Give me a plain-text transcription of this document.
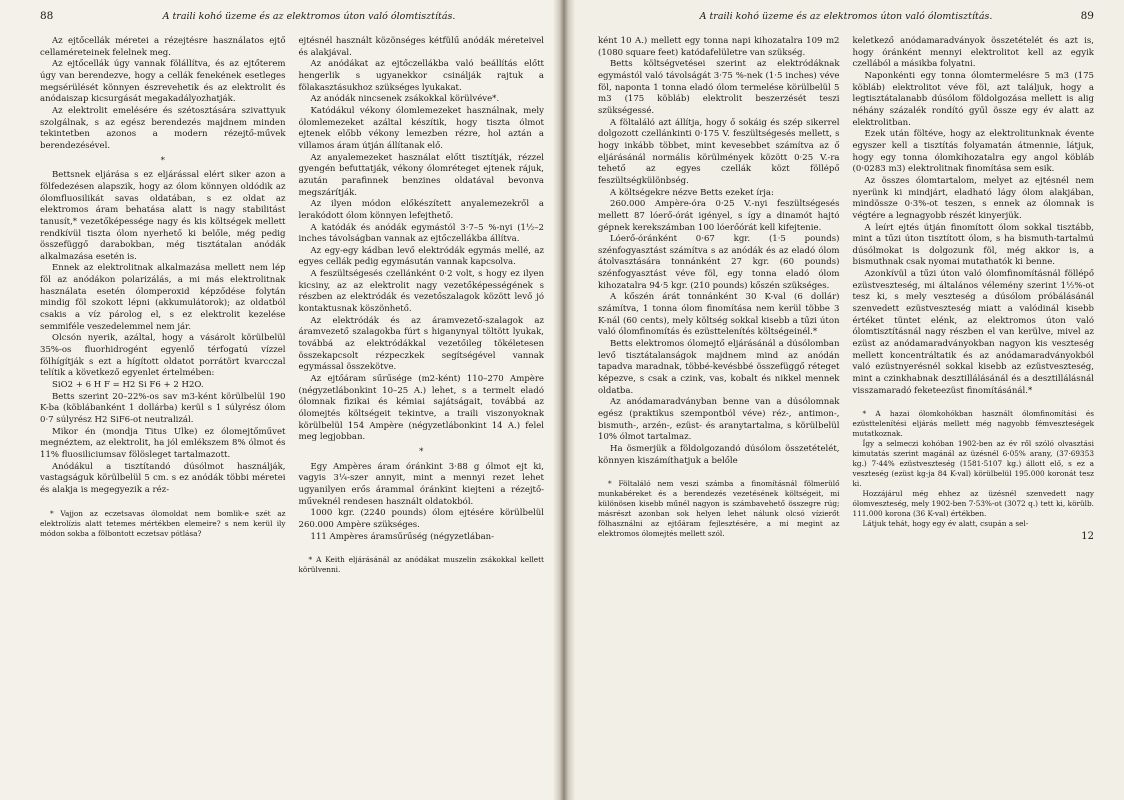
88	A traili kohó üzeme és az elektromos úton való ólomtisztítás.

Az ejtőcellák méretei a rézejtésre használatos ejtő cellaméreteinek felelnek meg.

Az ejtőcellák úgy vannak fölállítva, és az ejtőterem úgy van berendezve, hogy a cellák fenekének esetleges megsérülését könnyen észrevehetik és az elektrolit és anódaiszap kicsurgását megakadályozhatják.

Az elektrolit emelésére és szétosztására szivattyuk szolgálnak, s az egész berendezés majdnem minden tekintetben azonos a modern rézejtő-művek berendezésével.

*

Bettsnek eljárása s ez eljárással elért siker azon a fölfedezésen alapszik, hogy az ólom könnyen oldódik az ólomfluosilikát savas oldatában, s ez oldat az elektromos áram behatása alatt is nagy stabilitást tanusít,* vezetőképessége nagy és kis költségek mellett rendkívül tiszta ólom nyerhető ki belőle, még pedig összefüggő darabokban, még tisztátalan anódák alkalmazása esetén is.

Ennek az elektrolitnak alkalmazása mellett nem lép föl az anódákon polarizálás, a mi más elektrolitnak használata esetén ólomperoxid képződése folytán mindig föl szokott lépni (akkumulátorok); az oldatból csakis a víz párolog el, s ez elektrolit kezelése semmiféle veszedelemmel nem jár.

Olcsón nyerik, azáltal, hogy a vásárolt körülbelül 35%-os fluorhidrogént egyenlő térfogatú vízzel fölhígítják s ezt a hígított oldatot porrátört kvarcczal telítik a következő egyenlet értelmében:

SiO2 + 6 H F = H2 Si F6 + 2 H2O.

Betts szerint 20–22%-os sav m3-ként körülbelül 190 K-ba (köblábanként 1 dollárba) kerül s 1 súlyrész ólom 0·7 súlyrész H2 SiF6-ot neutralizál.

Mikor én (mondja Titus Ulke) ez ólomejtőművet megnéztem, az elektrolit, ha jól emlékszem 8% ólmot és 11% fluosiliciumsav fölösleget tartalmazott.

Anódákul a tisztítandó dúsólmot használják, vastagságuk körülbelül 5 cm. s ez anódák többi méretei és alakja is megegyezik a réz-

* Vajjon az eczetsavas ólomoldat nem bomlik-e szét az elektrolízis alatt tetemes mértékben elemeire? s nem kerül ily módon sokba a fölbontott eczetsav pótlása?

ejtésnél használt közönséges kétfülű anódák méreteivel és alakjával.

Az anódákat az ejtőczellákba való beállítás előtt hengerlik s ugyanekkor csinálják rajtuk a fölakasztásukhoz szükséges lyukakat.

Az anódák nincsenek zsákokkal körülvéve*.

Katódákul vékony ólomlemezeket használnak, mely ólomlemezeket azáltal készítik, hogy tiszta ólmot ejtenek előbb vékony lemezben rézre, hol aztán a villamos áram útján állítanak elő.

Az anyalemezeket használat előtt tisztítják, rézzel gyengén befuttatják, vékony ólomréteget ejtenek rájuk, azután parafinnek benzines oldatával bevonva megszárítják.

Az ilyen módon előkészített anyalemezekről a lerakódott ólom könnyen lefejthető.

A katódák és anódák egymástól 3·7–5 %-nyi (1½–2 inches távolságban vannak az ejtőczellákba állítva.

Az egy-egy kádban levő elektródák egymás mellé, az egyes cellák pedig egymásután vannak kapcsolva.

A feszültségesés czellánként 0·2 volt, s hogy ez ilyen kicsiny, az az elektrolit nagy vezetőképességének s részben az elektródák és vezetőszalagok között levő jó kontaktusnak köszönhető.

Az elektródák és az áramvezető-szalagok az áramvezető szalagokba fúrt s higanynyal töltött lyukak, továbbá az elektródákkal vezetőileg tökéletesen összekapcsolt rézpeczkek segítségével vannak egymással összekötve.

Az ejtőáram sűrűsége (m2-ként) 110–270 Ampère (négyzetlábonkint 10–25 A.) lehet, s a termelt eladó ólomnak fizikai és kémiai sajátságait, továbbá az ólomejtés költségeit tekintve, a traili viszonyoknak körülbelül 154 Ampère (négyzetlábonkint 14 A.) felel meg legjobban.

*

Egy Ampères áram óránkint 3·88 g ólmot ejt ki, vagyis 3¼-szer annyit, mint a mennyi rezet lehet ugyanilyen erős árammal óránkint kiejteni a rézejtő-műveknél rendesen használt oldatokból.

1000 kgr. (2240 pounds) ólom ejtésére körülbelül 260.000 Ampère szükséges.

111 Ampères áramsűrűség (négyzetlában-

* A Keith eljárásánál az anódákat muszelin zsákokkal kellett körülvenni.

A traili kohó üzeme és az elektromos úton való ólomtisztítás.	89

ként 10 A.) mellett egy tonna napi kihozatalra 109 m2 (1080 square feet) katódafelületre van szükség.

Betts költségvetései szerint az elektródáknak egymástól való távolságát 3·75 %-nek (1·5 inches) véve föl, naponta 1 tonna eladó ólom termelése körülbelül 5 m3 (175 köbláb) elektrolit beszerzését teszi szükségessé.

A föltaláló azt állítja, hogy ő sokáig és szép sikerrel dolgozott czellánkinti 0·175 V. feszültségesés mellett, s hogy inkább többet, mint kevesebbet számítva az ő eljárásánál normális körülmények között 0·25 V.-ra tehető az egyes czellák közt föllépő feszültségkülönbség.

A költségekre nézve Betts ezeket írja:

260.000 Ampère-óra 0·25 V.-nyi feszültségesés mellett 87 lóerő-órát igényel, s így a dinamót hajtó gépnek kerekszámban 100 lóerőórát kell kifejtenie.

Lóerő-óránként 0·67 kgr. (1·5 pounds) szénfogyasztást számítva s az anódák és az eladó ólom átolvasztására tonnánként 27 kgr. (60 pounds) szénfogyasztást véve föl, egy tonna eladó ólom kihozatalra 94·5 kgr. (210 pounds) kőszén szükséges.

A kőszén árát tonnánként 30 K-val (6 dollár) számítva, 1 tonna ólom finomítása nem kerül többe 3 K-nál (60 cents), mely költség sokkal kisebb a tűzi úton való ólomfinomítás és ezüsttelenítés költségeinél.*

Betts elektromos ólomejtő eljárásánál a dúsólomban levő tisztátalanságok majdnem mind az anódán tapadva maradnak, többé-kevésbbé összefüggő réteget képezve, s csak a czink, vas, kobalt és nikkel mennek oldatba.

Az anódamaradványban benne van a dúsólomnak egész (praktikus szempontból véve) réz-, antimon-, bismuth-, arzén-, ezüst- és aranytartalma, s körülbelül 10% ólmot tartalmaz.

Ha ösmerjük a földolgozandó dúsólom összetételét, könnyen kiszámíthatjuk a belőle

* Föltaláló nem veszi számba a finomításnál fölmerülő munkabéreket és a berendezés vezetésének költségeit, mi különösen kisebb műnél nagyon is számbavehető összegre rúg; másrészt azonban sok helyen lehet nálunk olcsó vízierőt fölhasználni az ejtőáram fejlesztésére, a mi megint az elektromos ólomejtés mellett szól.

keletkező anódamaradványok összetételét és azt is, hogy óránként mennyi elektrolitot kell az egyik czellából a másikba folyatni.

Naponkénti egy tonna ólomtermelésre 5 m3 (175 köbláb) elektrolitot véve föl, azt találjuk, hogy a legtisztátalanabb dúsólom földolgozása mellett is alig néhány százalék rondító gyűl össze egy év alatt az elektrolitban.

Ezek után föltéve, hogy az elektrolitunknak évente egyszer kell a tisztítás folyamatán átmennie, látjuk, hogy egy tonna ólomkihozatalra egy angol köbláb (0·0283 m3) elektrolitnak finomítása sem esik.

Az összes ólomtartalom, melyet az ejtésnél nem nyerünk ki mindjárt, eladható lágy ólom alakjában, mindössze 0·3%-ot teszen, s ennek az ólomnak is végtére a legnagyobb részét kinyerjük.

A leírt ejtés útján finomított ólom sokkal tisztább, mint a tűzi úton tisztított ólom, s ha bismuth-tartalmú dúsólmokat is dolgozunk föl, még akkor is, a bismuthnak csak nyomai mutathatók ki benne.

Azonkívül a tűzi úton való ólomfinomításnál föllépő ezüstveszteség, mi általános vélemény szerint 1½%-ot tesz ki, s mely veszteség a dúsólom próbálásánál szenvedett ezüstveszteség miatt a valódinál kisebb értéket tüntet elénk, az elektromos úton való ólomtisztításnál nagy részben el van kerülve, mivel az ezüst az anódamaradványokban nagyon kis veszteség mellett koncentráltatik és az anódamaradványokból való ezüstnyerésnél sokkal kisebb az ezüstveszteség, mint a czinkhabnak desztillálásánál és a desztillálásnál visszamaradó feketeezüst finomításánál.*

* A hazai ólomkohókban használt ólomfinomítási és ezüsttelenítési eljárás mellett még nagyobb fémveszteségek mutatkoznak.

Így a selmeczi kohóban 1902-ben az év ről szóló olvasztási kimutatás szerint magánál az üzésnél 6·05% arany, (37·69353 kg.) 7·44% ezüstveszteség (1581·5107 kg.) állott elő, s ez a veszteség (ezüst kg-ja 84 K-val) körülbelül 195.000 koronát tesz ki.

Hozzájárul még ehhez az üzésnél szenvedett nagy ólomveszteség, mely 1902-ben 7·53%-ot (3072 q.) tett ki, körülb. 111.000 korona (36 K-val) értékben.

Látjuk tehát, hogy egy év alatt, csupán a sel-

12
